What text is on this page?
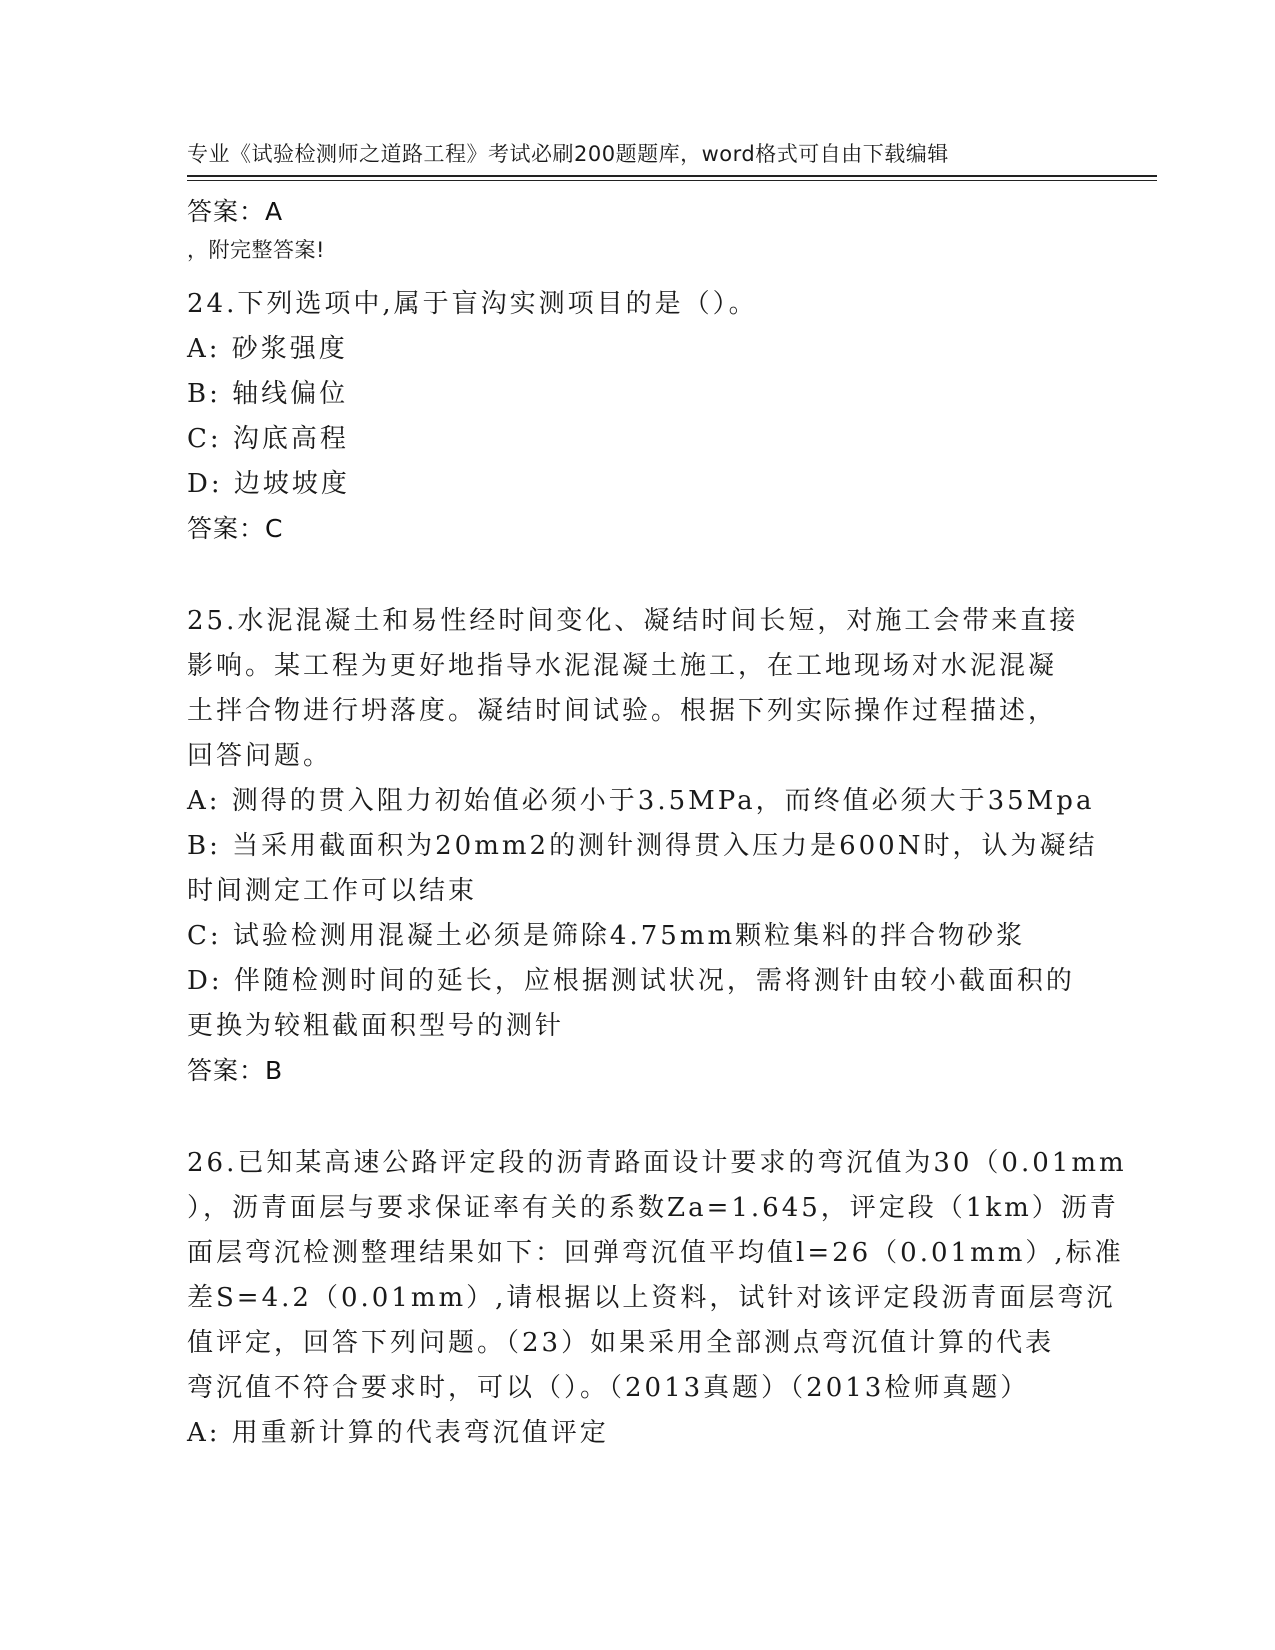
专业《试验检测师之道路工程》考试必刷200题题库，word格式可自由下载编辑

，附完整答案!

答案：A
24.下列选项中,属于盲沟实测项目的是（）。
A: 砂浆强度
B: 轴线偏位
C: 沟底高程
D: 边坡坡度
答案：C
25.水泥混凝土和易性经时间变化、凝结时间长短，对施工会带来直接
影响。某工程为更好地指导水泥混凝土施工，在工地现场对水泥混凝
土拌合物进行坍落度。凝结时间试验。根据下列实际操作过程描述，
回答问题。
A: 测得的贯入阻力初始值必须小于3.5MPa，而终值必须大于35Mpa
B: 当采用截面积为20mm2的测针测得贯入压力是600N时，认为凝结
时间测定工作可以结束
C: 试验检测用混凝土必须是筛除4.75mm颗粒集料的拌合物砂浆
D: 伴随检测时间的延长，应根据测试状况，需将测针由较小截面积的
更换为较粗截面积型号的测针
答案：B
26.已知某高速公路评定段的沥青路面设计要求的弯沉值为30（0.01mm
），沥青面层与要求保证率有关的系数Za=1.645，评定段（1km）沥青
面层弯沉检测整理结果如下：回弹弯沉值平均值l=26（0.01mm）,标准
差S=4.2（0.01mm）,请根据以上资料，试针对该评定段沥青面层弯沉
值评定，回答下列问题。（23）如果采用全部测点弯沉值计算的代表
弯沉值不符合要求时，可以（）。（2013真题）（2013检师真题）
A: 用重新计算的代表弯沉值评定
